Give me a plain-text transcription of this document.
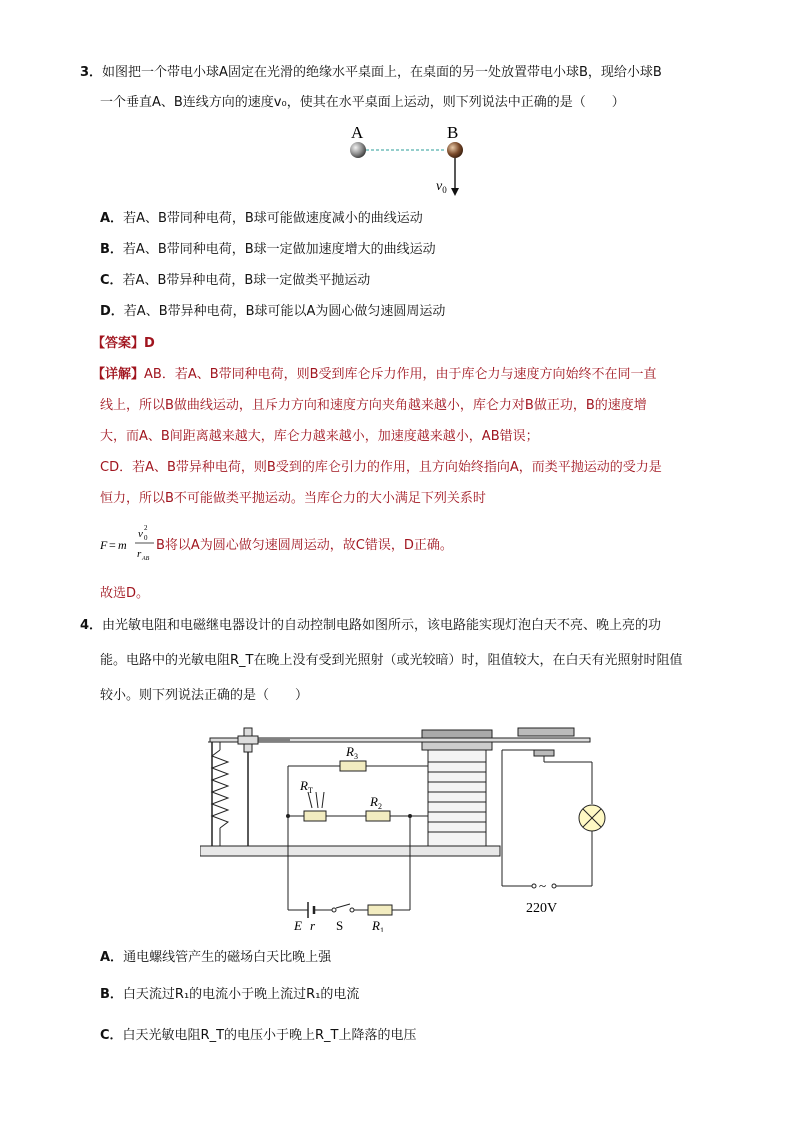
3．如图把一个带电小球A固定在光滑的绝缘水平桌面上，在桌面的另一处放置带电小球B，现给小球B
一个垂直A、B连线方向的速度v₀，使其在水平桌面上运动，则下列说法中正确的是（　　）
A	B
$v_0$
A．若A、B带同种电荷，B球可能做速度减小的曲线运动
B．若A、B带同种电荷，B球一定做加速度增大的曲线运动
C．若A、B带异种电荷，B球一定做类平抛运动
D．若A、B带异种电荷，B球可能以A为圆心做匀速圆周运动
【答案】D
【详解】AB．若A、B带同种电荷，则B受到库仑斥力作用，由于库仑力与速度方向始终不在同一直
线上，所以B做曲线运动，且斥力方向和速度方向夹角越来越小，库仑力对B做正功，B的速度增
大，而A、B间距离越来越大，库仑力越来越小，加速度越来越小，AB错误；
CD．若A、B带异种电荷，则B受到的库仑引力的作用，且方向始终指向A，而类平抛运动的受力是
恒力，所以B不可能做类平抛运动。当库仑力的大小满足下列关系时
F = m
v 0
2
r AB
B将以A为圆心做匀速圆周运动，故C错误，D正确。
故选D。
4．由光敏电阻和电磁继电器设计的自动控制电路如图所示，该电路能实现灯泡白天不亮、晚上亮的功
能。电路中的光敏电阻R_T在晚上没有受到光照射（或光较暗）时，阻值较大，在白天有光照射时阻值
较小。则下列说法正确的是（　　）
$R_3$
$R_T$
$R_2$
E r S $R_1$
~
220V
A．通电螺线管产生的磁场白天比晚上强
B．白天流过R₁的电流小于晚上流过R₁的电流
C．白天光敏电阻R_T的电压小于晚上R_T上降落的电压
